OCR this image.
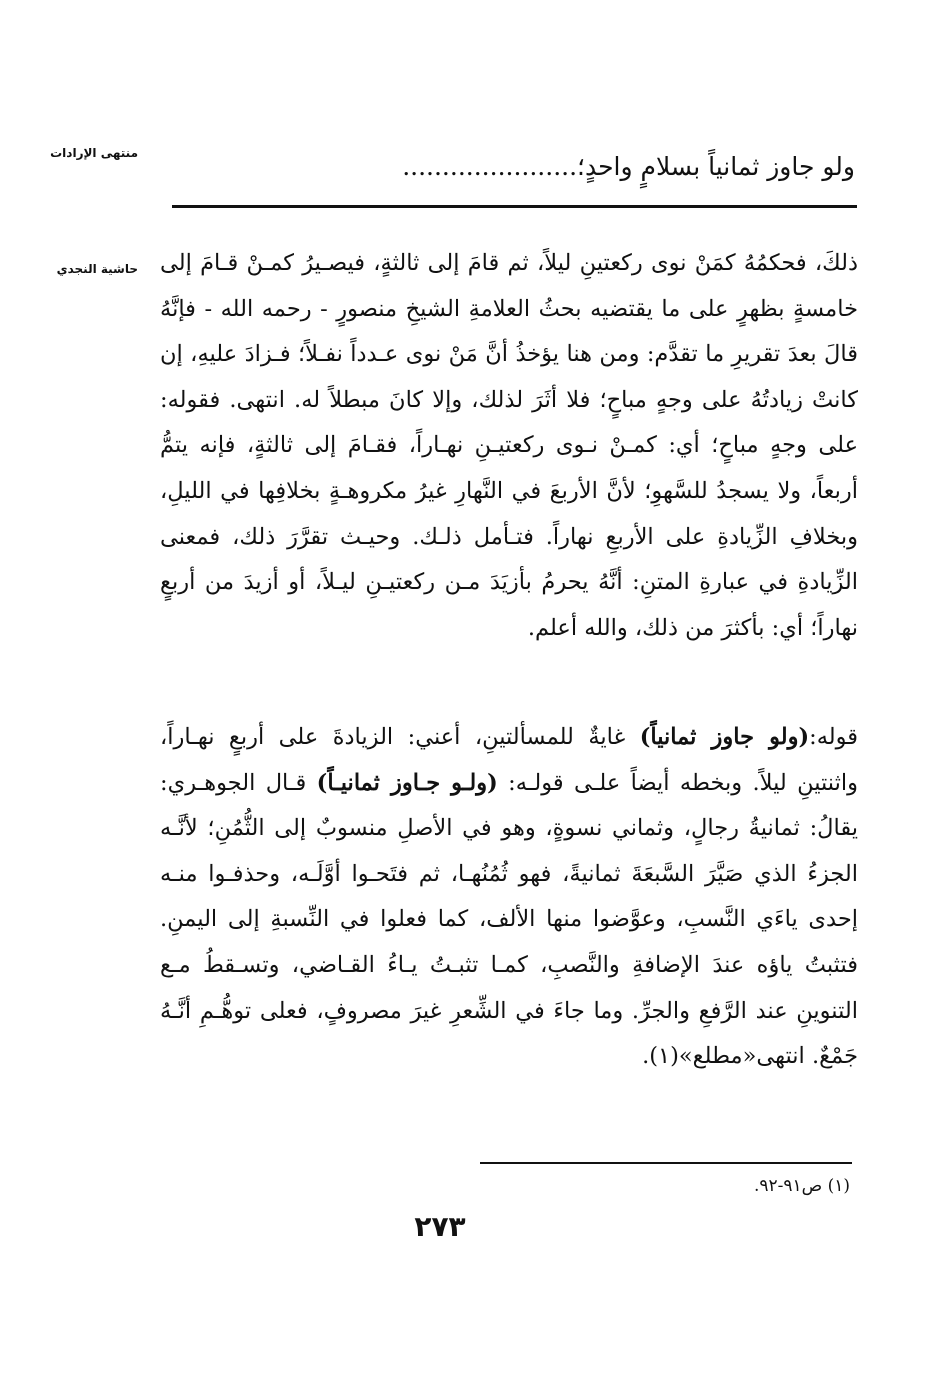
منتهى الإرادات	ولو جاوز ثمانياً بسلامٍ واحدٍ؛......................
حاشية النجدي ذلكَ، فحكمُهُ كمَنْ نوى ركعتينِ ليلاً، ثم قامَ إلى ثالثةٍ، فيصـيرُ كمـنْ قـامَ إلى خامسةٍ بظهرٍ على ما يقتضيه بحثُ العلامةِ الشيخِ منصورٍ - رحمه الله - فإنَّهُ قالَ بعدَ تقريرِ ما تقدَّم: ومن هنا يؤخذُ أنَّ مَنْ نوى عـدداً نفـلاً؛ فـزادَ عليهِ، إن كانتْ زيادتُهُ على وجهٍ مباحٍ؛ فلا أثَرَ لذلك، وإلا كانَ مبطلاً له. انتهى. فقوله: على وجهٍ مباحٍ؛ أي: كمـنْ نـوى ركعتيـنِ نهـاراً، فقـامَ إلى ثالثةٍ، فإنه يتمُّ أربعاً، ولا يسجدُ للسَّهوِ؛ لأنَّ الأربعَ في النَّهارِ غيرُ مكروهـةٍ بخلافِها في الليلِ، وبخلافِ الزِّيادةِ على الأربعِ نهاراً. فتـأمل ذلـك. وحيـث تقرَّرَ ذلك، فمعنى الزِّيادةِ في عبارةِ المتنِ: أنَّهُ يحرمُ بأزيَدَ مـن ركعتيـنِ ليـلاً، أو أزيدَ من أربعٍ نهاراً؛ أي: بأكثرَ من ذلك، والله أعلم.

قوله:(ولو جاوز ثمانياً) غايةٌ للمسألتينِ، أعني: الزيادةَ على أربعٍ نهـاراً، واثنتينِ ليلاً. وبخطه أيضاً علـى قولـه: (ولـو جـاوز ثمانيـاً) قـال الجوهـري: يقالُ: ثمانيةُ رجالٍ، وثماني نسوةٍ، وهو في الأصلِ منسوبٌ إلى الثُّمُنِ؛ لأنَّـه الجزءُ الذي صَيَّرَ السَّبعَةَ ثمانيةً، فهو ثُمُنُهـا، ثم فتَحـوا أوَّلَـه، وحذفـوا منـه إحدى ياءَي النَّسبِ، وعوَّضوا منها الألف، كما فعلوا في النِّسبةِ إلى اليمنِ. فتثبتُ ياؤه عندَ الإضافةِ والنَّصبِ، كمـا تثبـتُ يـاءُ القـاضي، وتسـقطُ مـع التنوينِ عند الرَّفعِ والجرِّ. وما جاءَ في الشِّعرِ غيرَ مصروفٍ، فعلى توهُّـمِ أنَّـهُ جَمْعٌ. انتهى«مطلع»(١).

(١) ص٩١-٩٢.
٢٧٣
